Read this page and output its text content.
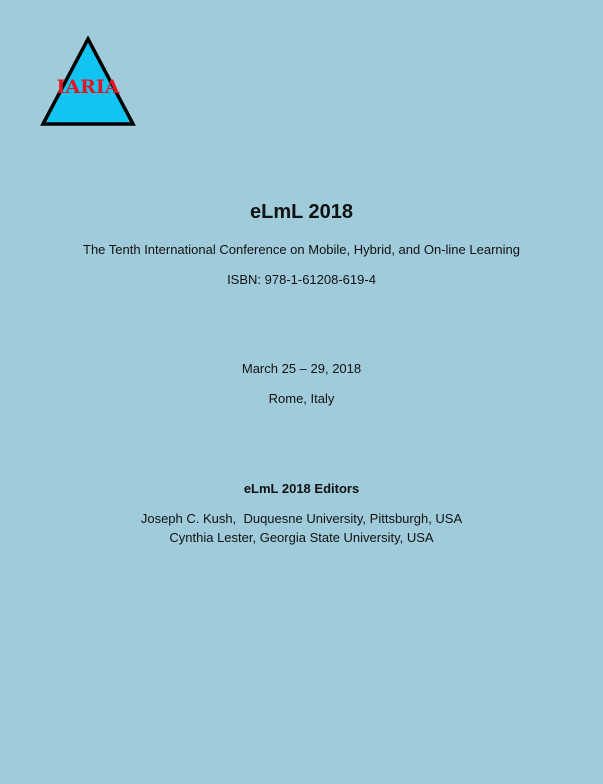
IARIA
eLmL 2018
The Tenth International Conference on Mobile, Hybrid, and On-line Learning
ISBN: 978-1-61208-619-4
March 25 – 29, 2018
Rome, Italy
eLmL 2018 Editors
Joseph C. Kush,  Duquesne University, Pittsburgh, USA
Cynthia Lester, Georgia State University, USA
